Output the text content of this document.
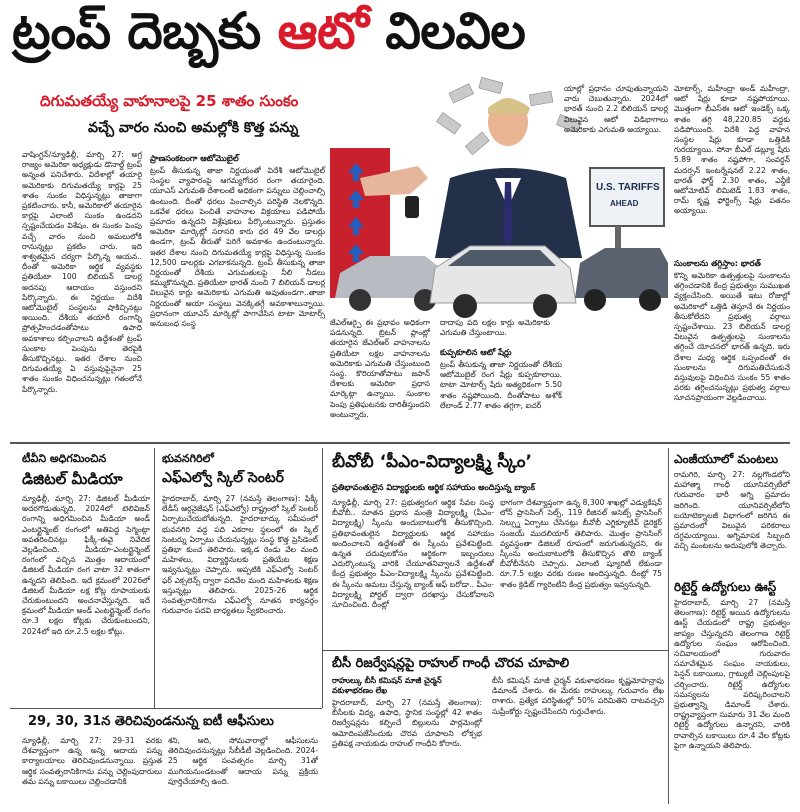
ట్రంప్ దెబ్బకు ఆటో విలవిల
దిగుమతయ్యే వాహనాలపై 25 శాతం సుంకం
వచ్చే వారం నుంచి అమల్లోకి కొత్త పన్ను
వాషింగ్టన్/న్యూఢిల్లీ, మార్చి 27: అగ్ర రాజ్యం అమెరికా అధ్యక్షుడు డొనాల్డ్ ట్రంప్ అన్నంత పనిచేశారు. విదేశాల్లో తయారై అమెరికాకు దిగుమతయ్యే కార్లపై 25 శాతం సుంకం విధిస్తున్నట్లు తాజాగా ప్రకటించారు. కానీ, అమెరికాలో తయారైన కార్లపై ఎలాంటి సుంకం ఉండదని స్పష్టంచేయడం విశేషం. ఈ సుంకం పెంపు వచ్చే వారం నుంచి అమలులోకి రానున్నట్లు ప్రకటిం చారు. ఇది శాశ్వతమైన చర్యగా పేర్కొన్న ఆయన.. దీంతో అమెరికా ఆర్థిక వ్యవస్థకు ప్రతియేటా 100 బిలియన్ డాలర్ల అదనపు ఆదాయం వస్తుందని పేర్కొన్నారు. ఈ నిర్ణయం విదేశీ ఆటోమొబైల్ సంస్థలను షాకిచ్చినట్లు అయింది. దేశీయ తయారీ రంగాన్ని ప్రోత్సహించడంతోపాటు ఉపాధి అవకాశాలు కల్పించాలని ఉద్దేశంతో ట్రంప్ సుంకాల పెంపును తెరపైకి తీసుకొచ్చినట్లు. ఇతర దేశాల నుంచి దిగుమతయ్యే ఏ వస్తువుపైనైనా 25 శాతం సుంకం విధించనున్నట్లు గతంలోనే పేర్కొన్నారు.
ప్రాణసంకటంగా ఆటోమొబైల్
ట్రంప్ తీసుకున్న తాజా నిర్ణయంతో విదేశీ ఆటోమొబైల్ సంస్థల వ్యాపారంపై ఆగమ్యగోచర రంగా తయారైంది. యూఎస్ ఎగుమతి దేశాలంటే అధికంగా పన్నులు చెల్లించాల్సి ఉంటుంది. దీంతో ధరలు పెంచాల్సిన పరిస్థితి నెలకొన్నది. ఒకవేళ ధరలు పెంచితే వాహనాల విక్రయాలు పడిపోయే ప్రమాదం ఉన్నదని విశ్లేషకులు పేర్కొంటున్నారు. ప్రస్తుతం అమెరికా మార్కెట్లో సరాసరి కారు ధర 49 వేల డాలర్లు ఉండగా, ట్రంప్ తీరుతో పెరిగే అవకాశం ఉందంటున్నారు. ఇతర దేశాల నుంచి దిగుమతయ్యే కార్లపై విధిస్తున్న సుంకం 12,500 డాలర్లకు ఎగబాకనున్నది. ట్రంప్ తీసుకున్న తాజా నిర్ణయంతో దేశీయ ఎగుమతులపై నీలి నీడలు కమ్ముకొనున్నది. ప్రతియేటా భారత్ నుంచి 7 బిలియన్ డాలర్ల విలువైన కార్లు అమెరికాకు ఎగుమతి అవుతుండగా..తాజా నిర్ణయంతో ఆయా సంస్థలు వెనక్కితగ్గే అవకాశాలున్నాయి. ప్రధానంగా యూఎస్ మార్కెట్లో పాగావేసిన టాటా మోటార్స్ అనుబంధ సంస్థ
U.S. TARIFFS
AHEAD
జేఎల్ఆర్పై ఈ ప్రభావం అధికంగా పడనున్నది. బ్రిటన్ ప్లాంట్లో తయారైన జేఎల్ఆర్ వాహనాలను ప్రతియేటా లక్షల వాహనాలను అమెరికాకు ఎగుమతి చేస్తుంటుంది సంస్థ. కొరియాతోపాటు జపాన్ దేశాలకు అమెరికా ప్రధాన మార్కెట్గా ఉన్నాయి. సుంకాల పెంపు ప్రతిఘటనకు దారితీస్తుందని అంటున్నారు.
దాదాపు పది లక్షల కార్లు అమెరికాకు ఎగుమతి చేస్తుంటాయి.
కుప్పకూలిన ఆటో షేర్లు
ట్రంప్ తీసుకున్న తాజా నిర్ణయంతో దేశీయ ఆటోమొబైల్ రంగ షేర్లు కుప్పకూలాయి. టాటా మోటార్స్ షేరు అత్యధికంగా 5.50 శాతం నష్టపోయింది. దీంతోపాటు అశోక్ లేలాండ్ 2.77 శాతం తగ్గగా, ఐచర్
యాల్లో ప్రధానం చూపుతున్నాయని వారు చెబుతున్నారు. 2024లో భారత్ నుంచి 2.2 బిలియన్ డాలర్ల విలువైన ఆటో విడిభాగాలు అమెరికాకు ఎగుమతి అయ్యాయి.
మోటార్స్, మహీంద్రా అండ్ మహీంద్రా, ఆటో షేర్లు కూడా నష్టపోయాయి. మొత్తంగా బీఎస్ఈ ఆటో ఇండెక్స్ ఒక్క శాతం తగ్గి 48,220.85 వద్దకు పడిపోయింది. విదేశీ పెద్ద వాహన సంస్థల షేర్లు కూడా ఒత్తిడికి గురయ్యాయి. సోనా బీఎల్ డబ్ల్యూ షేరు 5.89 శాతం నష్టపోగా, సంవర్ధన్ మదర్సన్ ఇంటర్నేషనల్ 2.22 శాతం, భారత్ ఫోర్జ్ 2.30 శాతం, ఎన్డీకే ఆటోమోటివ్ లిమిటెడ్ 1.83 శాతం, రామ్ కృష్ణ ఫోర్జింగ్స్ షేర్లు పతనం అయ్యాయి.
సుంకాలను తగ్గిస్తాం: భారత్
కొన్ని అమెరికా ఉత్పత్తులపై సుంకాలను తగ్గించడానికి కేంద్ర ప్రభుత్వం సుముఖత వ్యక్తంచేసింది. అయితే ఇటు రోజుల్లో అమెరికాలో ఒత్తిడి తెస్తూనే ఈ నిర్ణయం తీసుకోలేదని ప్రభుత్వ వర్గాలు స్పష్టంచేశాయి. 23 బిలియన్ డాలర్ల విలువైన ఉత్పత్తులపై సుంకాలను తగ్గించే యోచనలో భారత్ ఉన్నది. ఇరు దేశాల మధ్య ఆర్థిక ఒప్పందంతో ఈ సుంకాలను దిగుమతిచేసుకునే వస్తువులపై విధించిన సుంకం 55 శాతం వరకు తగ్గించనున్నట్లు ప్రభుత్వ వర్గాలు సూచనప్రాయంగా వెల్లడించాయి.
టీవీని అధిగమించిన
డిజిటల్ మీడియా
న్యూఢిల్లీ, మార్చి 27: డిజిటల్ మీడియా అదరగొడుతున్నది. 2024లో టెలివిజన్ రంగాన్ని అధిగమించిన మీడియా అండ్ ఎంటర్టైన్మెంట్ రంగంలో అతిపెద్ద సెగ్మెంట్గా అవతరించినట్లు ఫిక్కీ-ఈవై నివేదిక వెల్లడించింది. మీడియా-ఎంటర్టైన్మెంట్ రంగంలో వచ్చిన మొత్తం ఆదాయంలో డిజిటల్ మీడియా రంగ వాటా 32 శాతంగా ఉన్నదని తెలిపింది. ఇదే క్రమంలో 2026లో డిజిటల్ మీడియా లక్ష కోట్ల రూపాయలకు చేరుకుంటుందని అంచనావేస్తున్నది. ఇదే క్రమంలో మీడియా అండ్ ఎంటర్టైన్మెంట్ రంగం రూ.3 లక్షల కోట్లకు చేరుకుంటుందని, 2024లో ఇది రూ.2.5 లక్షల కోట్లు.
భువనగిరిలో
ఎఫ్ఎల్వో స్కిల్ సెంటర్
హైదరాబాద్, మార్చి 27 (నమస్తే తెలంగాణ): ఫిక్కీ లేడీస్ ఆర్గనైజేషన్ (ఎఫ్ఎల్వో) రాష్ట్రంలో స్కిల్ సెంటర్ ఏర్పాటుచేయబోతున్నది. హైదరాబాద్కు సమీపంలో భువనగిరి వద్ద పది ఎకరాల స్థలంలో ఈ స్కిల్ సెంటర్ను ఏర్పాటు చేయనున్నట్లు సంస్థ కొత్త ప్రెసిడెంట్ ప్రతిభా కుంచ తెలిపారు. ఇక్కడ రెండు వేల మంది మహిళలు, విద్యార్థినులకు ప్రతియేట శిక్షణ ఇవ్వనున్నట్లు చెప్పారు. అప్పటికి ఎఫ్ఎల్వో సెంటర్ ఫర్ ఎక్సలెన్స్ ద్వారా పదివేల మంది మహిళలకు శిక్షణ ఇస్తున్నట్లు తెలిపారు. 2025-26 ఆర్థిక సంవత్సరానికిగాను ఎఫ్ఎల్వో నూతన కార్యవర్గం గురువారం పదవి బాధ్యతలు స్వీకరించారు.
బీవోబీ ‘పీఎం-విద్యాలక్ష్మి స్కీం’
ప్రతిభావంతులైన విద్యార్థులకు ఆర్థిక సహాయం అందిస్తున్న బ్యాంక్
న్యూఢిల్లీ, మార్చి 27: ప్రభుత్వరంగ ఆర్థిక సేవల సంస్థ బీవోబీ.. నూతన ప్రధాన మంత్రి విద్యాలక్ష్మి (పీఎం-విద్యాలక్ష్మి) స్కీంను అందుబాటులోకి తీసుకొచ్చింది. ప్రతిభావంతులైన విద్యార్థులకు ఆర్థిక సహాయం అందించాలని ఉద్దేశంతో ఈ స్కీంను ప్రవేశపెట్టింది. ఉన్నత చదువులకోసం ఆర్థికంగా ఇబ్బందులు ఎదుర్కొంటున్న వారికి చేయూతనివ్వాలనే ఉద్దేశంతో కేంద్ర ప్రభుత్వం పీఎం-విద్యాలక్ష్మి స్కీంను ప్రవేశపెట్టింది. ఈ స్కీంను అమలు చేస్తున్న బ్యాంక్ ఆఫ్ బరోడా.. పీఎం-విద్యాలక్ష్మి పోర్టల్ ద్వారా దరఖాస్తు చేసుకోవాలని సూచించింది. దీంట్లో
భాగంగా దేశవ్యాప్తంగా ఉన్న 8,300 శాఖల్లో ఎడ్యుకేషన్ లోన్ ప్రాసెసింగ్ సెల్స్, 119 రీజినల్ అసెట్స్ ప్రాసెసింగ్ సెల్స్ను ఏర్పాటు చేసినట్లు బీవోబీ ఎగ్జిక్యూటివ్ డైరెక్టర్ సంజయ్ ముదలియార్ తెలిపారు. మొత్తం ప్రాసెసింగ్ వ్యవస్థంతా డిజిటల్ రూపంలో జరుగుతున్నదని, ఈ స్కీంను అందుబాటులోకి తీసుకొచ్చిన తొలి బ్యాంక్ బీవోబీనేనని చెప్పారు. ఎలాంటి ష్యూరిటీ లేకుండా రూ.7.5 లక్షల వరకు రుణం అందిస్తున్నది. దీంట్లో 75 శాతం క్రెడిట్ గ్యారెంటీని కేంద్ర ప్రభుత్వం ఇవ్వనున్నది.
ఎంజీయూలో మంటలు
రామగిరి, మార్చి 27: నల్లగొండలోని మహాత్మా గాంధీ యూనివర్సిటీలో గురువారం భారీ అగ్ని ప్రమాదం జరిగింది. యూనివర్సిటీలోని బయోటెక్నాలజీ విభాగంలో జరిగిన ఈ ప్రమాదంలో విలువైన పరికరాలు దగ్ధమయ్యాయి. అగ్నిమాపక సిబ్బంది వచ్చి మంటలను అదుపులోకి తెచ్చారు.
రిటైర్డ్ ఉద్యోగులు ఊస్ట్
హైదరాబాద్, మార్చి 27 (నమస్తే తెలంగాణ): రిటైర్డ్ అయిన ఉద్యోగులను ఊస్ట్ చేయడంలో రాష్ట్ర ప్రభుత్వం జాప్యం చేస్తున్నదని తెలంగాణ రిటైర్డ్ ఉద్యోగుల సంఘం ఆరోపించింది. సచివాలయంలో గురువారం సమావేశమైన సంఘం నాయకులు, పెన్షన్ బకాయిలు, గ్రాట్యుటీ చెల్లింపులపై చర్చించారు. రిటైర్డ్ ఉద్యోగుల సమస్యలను పరిష్కరించాలని ప్రభుత్వాన్ని డిమాండ్ చేశారు. రాష్ట్రవ్యాప్తంగా సుమారు 31 వేల మంది రిటైర్డ్ ఉద్యోగులు ఉన్నారని, వారికి రావాల్సిన బకాయిలు రూ.4 వేల కోట్లకు పైగా ఉన్నాయని తెలిపారు.
బీసీ రిజర్వేషన్లపై రాహుల్ గాంధీ చొరవ చూపాలి
రాహుల్కు బీసీ కమిషన్ మాజీ చైర్మన్ వకుళాభరణం లేఖ
హైదరాబాద్, మార్చి 27 (నమస్తే తెలంగాణ): బీసీలకు విద్య, ఉపాధి, స్థానిక సంస్థల్లో 42 శాతం రిజర్వేషన్లను కల్పించే బిల్లులను పార్లమెంట్లో ఆమోదింపజేసేందుకు చొరవ చూపాలని లోక్సభ ప్రతిపక్ష నాయకుడు రాహుల్ గాంధీని కోరారు.
బీసీ కమిషన్ మాజీ చైర్మన్ వకుళాభరణం కృష్ణమోహన్రావు డిమాండ్ చేశారు. ఈ మేరకు రాహుల్కు గురువారం లేఖ రాశారు. ప్రత్యేక పరిస్థితుల్లో 50% పరిమితిని దాటవచ్చని సుప్రీంకోర్టు స్పష్టంచేసిందని గుర్తుచేశారు.
29, 30, 31న తెరిచివుండనున్న ఐటీ ఆఫీసులు
న్యూఢిల్లీ, మార్చి 27: 29-31 వరకు దేశవ్యాప్తంగా ఉన్న అన్ని ఆదాయ పన్ను కార్యాలయాలు తెరిచివుండనున్నాయి. ప్రస్తుత ఆర్థిక సంవత్సరానికిగాను పన్ను చెల్లింపుదారులు తమ పన్ను బకాయిలు చెల్లించడానికి
శని, ఆది, సోమవారాల్లో ఆఫీసులను తెరిచివుంచనున్నట్లు సీబీడీటీ వెల్లడించింది. 2024-25 ఆర్థిక సంవత్సరం మార్చి 31తో ముగియనుండటంతో ఆదాయ పన్ను ప్రక్రియ పూర్తిచేయాల్సి ఉంది.
